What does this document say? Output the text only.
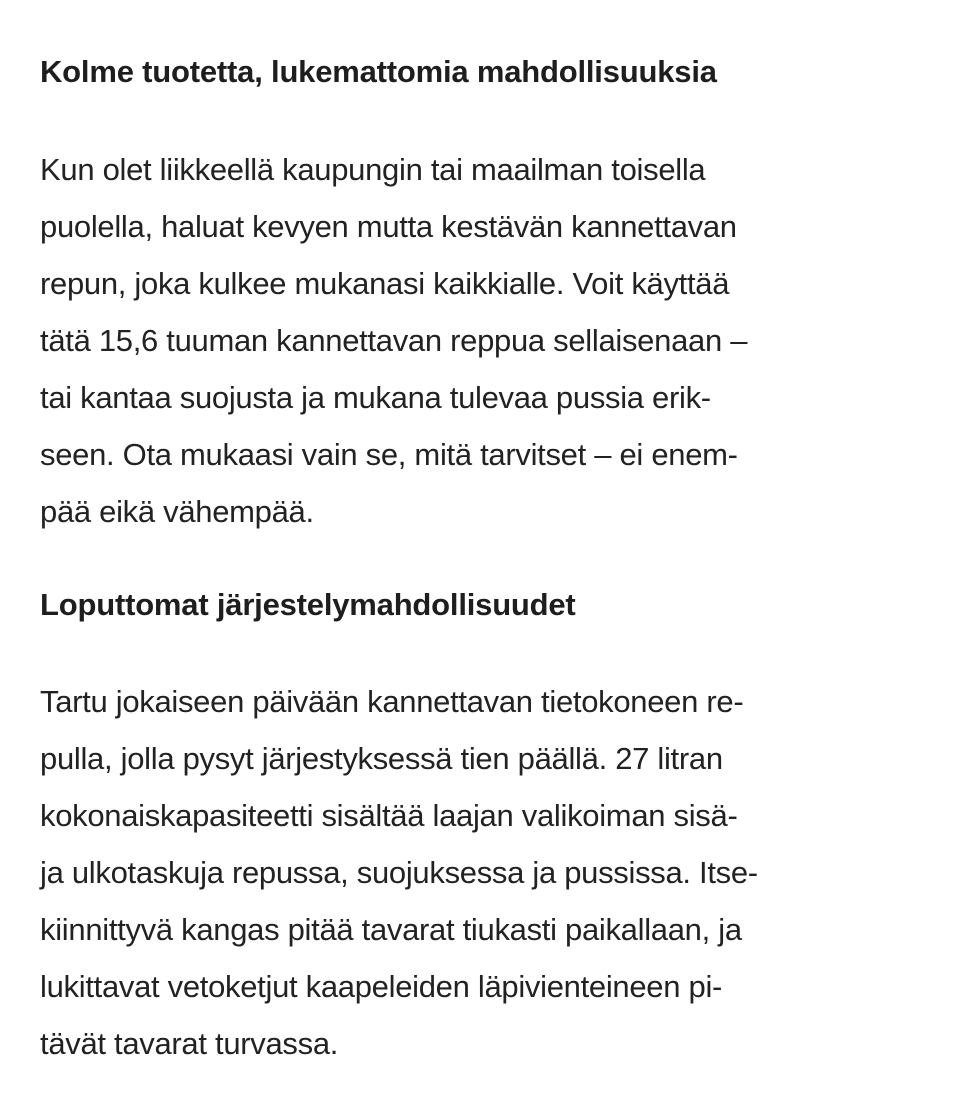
Kolme tuotetta, lukemattomia mahdollisuuksia
Kun olet liikkeellä kaupungin tai maailman toisella
puolella, haluat kevyen mutta kestävän kannettavan
repun, joka kulkee mukanasi kaikkialle. Voit käyttää
tätä 15,6 tuuman kannettavan reppua sellaisenaan –
tai kantaa suojusta ja mukana tulevaa pussia erik-
seen. Ota mukaasi vain se, mitä tarvitset – ei enem-
pää eikä vähempää.
Loputtomat järjestelymahdollisuudet
Tartu jokaiseen päivään kannettavan tietokoneen re-
pulla, jolla pysyt järjestyksessä tien päällä. 27 litran
kokonaiskapasiteetti sisältää laajan valikoiman sisä-
ja ulkotaskuja repussa, suojuksessa ja pussissa. Itse-
kiinnittyvä kangas pitää tavarat tiukasti paikallaan, ja
lukittavat vetoketjut kaapeleiden läpivienteineen pi-
tävät tavarat turvassa.
